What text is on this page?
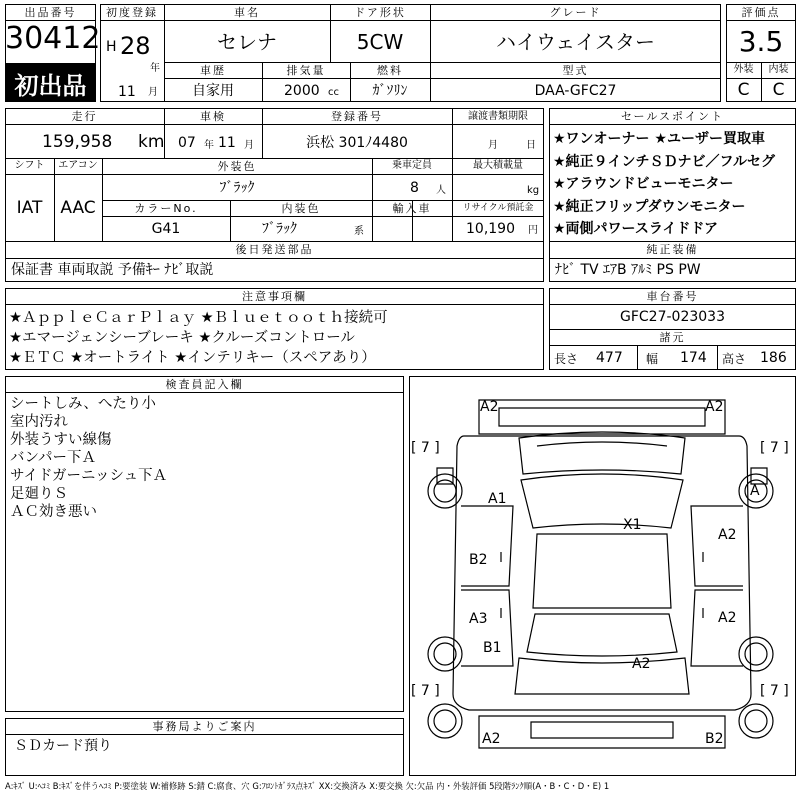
出品番号
30412
初出品
初度登録
H 28
年
11 月
車名
セレナ
ドア形状
5CW
グレード
ハイウェイスター
車歴
自家用
排気量
2000 cc
燃料
ｶﾞｿﾘﾝ
型式
DAA-GFC27
評価点
3.5
外装	内装
C	C
走行
159,958 km
車検
07 年 11 月
登録番号
浜松 301ﾉ4480
譲渡書類期限
月	日
シフト	エアコン
IAT	AAC
外装色
ﾌﾞﾗｯｸ
乗車定員
8 人
最大積載量
kg
カラーNo.
G41
内装色
ﾌﾞﾗｯｸ	系
輸入車	リサイクル預託金
10,190 円
後日発送部品
保証書 車両取説 予備ｷｰ ﾅﾋﾞ取説
セールスポイント
★ワンオーナー ★ユーザー買取車
★純正９インチＳＤナビ／フルセグ
★アラウンドビューモニター
★純正フリップダウンモニター
★両側パワースライドドア
純正装備
ﾅﾋﾞ TV ｴｱB ｱﾙﾐ PS PW
注意事項欄
★ＡｐｐｌｅＣａｒＰｌａｙ ★Ｂｌｕｅｔｏｏｔｈ接続可
★エマージェンシーブレーキ ★クルーズコントロール
★ＥＴＣ ★オートライト ★インテリキー（スペアあり）
車台番号
GFC27-023033
諸元
長さ 477 幅 174 高さ 186
検査員記入欄
シートしみ、へたり小
室内汚れ
外装うすい線傷
バンパー下Ａ
サイドガーニッシュ下Ａ
足廻りＳ
ＡＣ効き悪い
事務局よりご案内
ＳＤカード預り
A2	A2
[ 7 ]	[ 7 ]
A1	A
X1
A2
B2
A3	A2
B1
A2
[ 7 ]	[ 7 ]
A2	B2
A:ｷｽﾞ U:ﾍｺﾐ B:ｷｽﾞを伴うﾍｺﾐ P:要塗装 W:補修跡 S:錆 C:腐食、穴 G:ﾌﾛﾝﾄｶﾞﾗｽ点ｷｽﾞ XX:交換済み X:要交換 欠:欠品 内・外装評価 5段階ﾗﾝｸ順(A・B・C・D・E) 1
